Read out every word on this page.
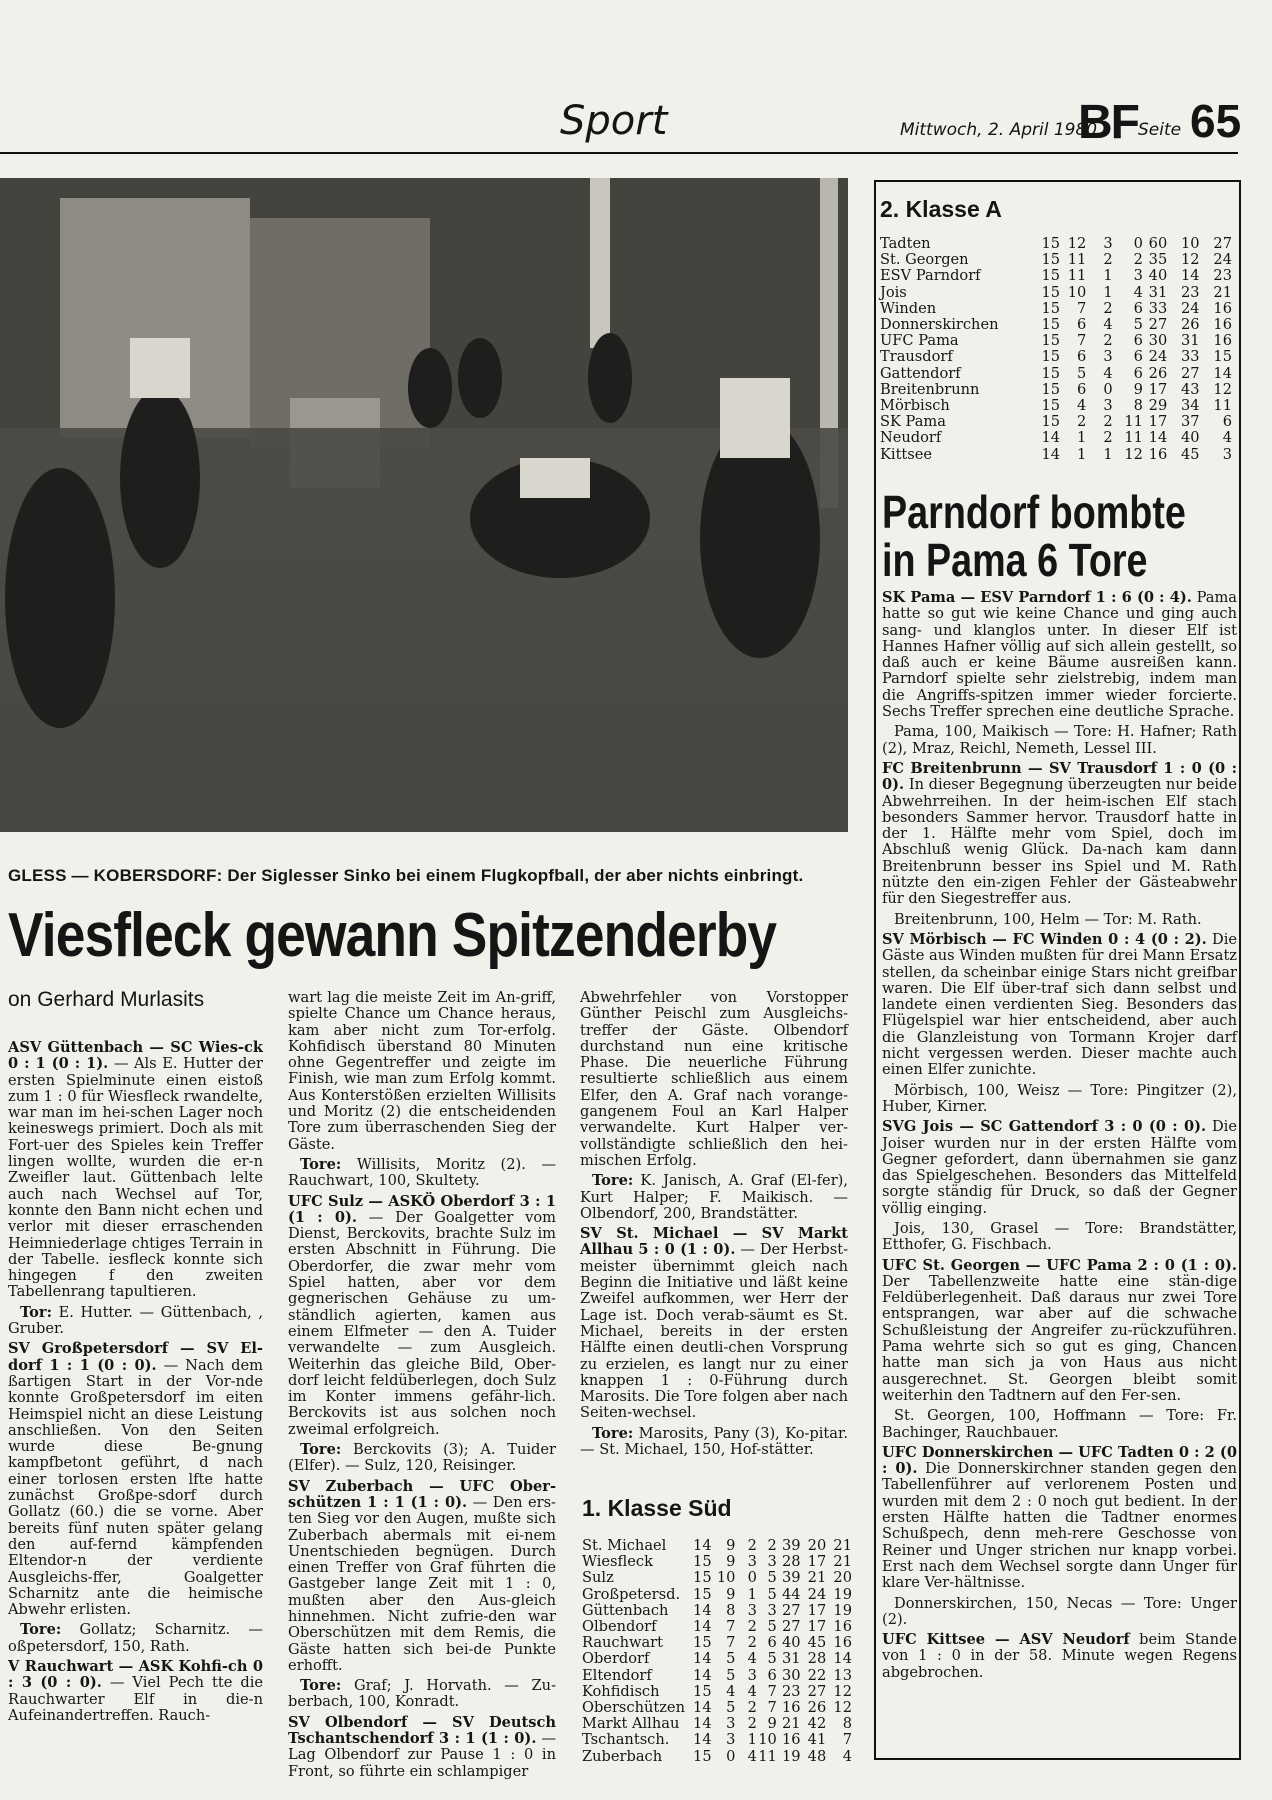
Sport	Mittwoch, 2. April 1980
BF Seite 65
GLESS — KOBERSDORF: Der Siglesser Sinko bei einem Flugkopfball, der aber nichts einbringt.
Viesfleck gewann Spitzenderby
on Gerhard Murlasits

ASV Güttenbach — SC Wies-ck 0 : 1 (0 : 1). — Als E. Hutter der ersten Spielminute einen eistoß zum 1 : 0 für Wiesfleck rwandelte, war man im hei-schen Lager noch keineswegs primiert. Doch als mit Fort-uer des Spieles kein Treffer lingen wollte, wurden die er-n Zweifler laut. Güttenbach lelte auch nach Wechsel auf Tor, konnte den Bann nicht echen und verlor mit dieser erraschenden Heimniederlage chtiges Terrain in der Tabelle. iesfleck konnte sich hingegen f den zweiten Tabellenrang tapultieren.

Tor: E. Hutter. — Güttenbach, , Gruber.

SV Großpetersdorf — SV El-dorf 1 : 1 (0 : 0). — Nach dem ßartigen Start in der Vor-nde konnte Großpetersdorf im eiten Heimspiel nicht an diese Leistung anschließen. Von den Seiten wurde diese Be-gnung kampfbetont geführt, d nach einer torlosen ersten lfte hatte zunächst Großpe-sdorf durch Gollatz (60.) die se vorne. Aber bereits fünf nuten später gelang den auf-fernd kämpfenden Eltendor-n der verdiente Ausgleichs-ffer, Goalgetter Scharnitz ante die heimische Abwehr erlisten.

Tore: Gollatz; Scharnitz. — oßpetersdorf, 150, Rath.

V Rauchwart — ASK Kohfi-ch 0 : 3 (0 : 0). — Viel Pech tte die Rauchwarter Elf in die-n Aufeinandertreffen. Rauch-

wart lag die meiste Zeit im An-griff, spielte Chance um Chance heraus, kam aber nicht zum Tor-erfolg. Kohfidisch überstand 80 Minuten ohne Gegentreffer und zeigte im Finish, wie man zum Erfolg kommt. Aus Konterstößen erzielten Willisits und Moritz (2) die entscheidenden Tore zum überraschenden Sieg der Gäste.

Tore: Willisits, Moritz (2). — Rauchwart, 100, Skultety.

UFC Sulz — ASKÖ Oberdorf 3 : 1 (1 : 0). — Der Goalgetter vom Dienst, Berckovits, brachte Sulz im ersten Abschnitt in Führung. Die Oberdorfer, die zwar mehr vom Spiel hatten, aber vor dem gegnerischen Gehäuse zu um-ständlich agierten, kamen aus einem Elfmeter — den A. Tuider verwandelte — zum Ausgleich. Weiterhin das gleiche Bild, Ober-dorf leicht feldüberlegen, doch Sulz im Konter immens gefähr-lich. Berckovits ist aus solchen noch zweimal erfolgreich.

Tore: Berckovits (3); A. Tuider (Elfer). — Sulz, 120, Reisinger.

SV Zuberbach — UFC Ober-schützen 1 : 1 (1 : 0). — Den ers-ten Sieg vor den Augen, mußte sich Zuberbach abermals mit ei-nem Unentschieden begnügen. Durch einen Treffer von Graf führten die Gastgeber lange Zeit mit 1 : 0, mußten aber den Aus-gleich hinnehmen. Nicht zufrie-den war Oberschützen mit dem Remis, die Gäste hatten sich bei-de Punkte erhofft.

Tore: Graf; J. Horvath. — Zu-berbach, 100, Konradt.

SV Olbendorf — SV Deutsch Tschantschendorf 3 : 1 (1 : 0). — Lag Olbendorf zur Pause 1 : 0 in Front, so führte ein schlampiger

Abwehrfehler von Vorstopper Günther Peischl zum Ausgleichs-treffer der Gäste. Olbendorf durchstand nun eine kritische Phase. Die neuerliche Führung resultierte schließlich aus einem Elfer, den A. Graf nach vorange-gangenem Foul an Karl Halper verwandelte. Kurt Halper ver-vollständigte schließlich den hei-mischen Erfolg.

Tore: K. Janisch, A. Graf (El-fer), Kurt Halper; F. Maikisch. — Olbendorf, 200, Brandstätter.

SV St. Michael — SV Markt Allhau 5 : 0 (1 : 0). — Der Herbst-meister übernimmt gleich nach Beginn die Initiative und läßt keine Zweifel aufkommen, wer Herr der Lage ist. Doch verab-säumt es St. Michael, bereits in der ersten Hälfte einen deutli-chen Vorsprung zu erzielen, es langt nur zu einer knappen 1 : 0-Führung durch Marosits. Die Tore folgen aber nach Seiten-wechsel.

Tore: Marosits, Pany (3), Ko-pitar. — St. Michael, 150, Hof-stätter.

1. Klasse Süd
St. Michael	14	9	2	2	39	20	21
Wiesfleck	15	9	3	3	28	17	21
Sulz	15	10	0	5	39	21	20
Großpetersd.	15	9	1	5	44	24	19
Güttenbach	14	8	3	3	27	17	19
Olbendorf	14	7	2	5	27	17	16
Rauchwart	15	7	2	6	40	45	16
Oberdorf	14	5	4	5	31	28	14
Eltendorf	14	5	3	6	30	22	13
Kohfidisch	15	4	4	7	23	27	12
Oberschützen	14	5	2	7	16	26	12
Markt Allhau	14	3	2	9	21	42	8
Tschantsch.	14	3	1	10	16	41	7
Zuberbach	15	0	4	11	19	48	4
2. Klasse A
Tadten	15	12	3	0	60	10	27
St. Georgen	15	11	2	2	35	12	24
ESV Parndorf	15	11	1	3	40	14	23
Jois	15	10	1	4	31	23	21
Winden	15	7	2	6	33	24	16
Donnerskirchen	15	6	4	5	27	26	16
UFC Pama	15	7	2	6	30	31	16
Trausdorf	15	6	3	6	24	33	15
Gattendorf	15	5	4	6	26	27	14
Breitenbrunn	15	6	0	9	17	43	12
Mörbisch	15	4	3	8	29	34	11
SK Pama	15	2	2	11	17	37	6
Neudorf	14	1	2	11	14	40	4
Kittsee	14	1	1	12	16	45	3
Parndorf bombte
in Pama 6 Tore

SK Pama — ESV Parndorf 1 : 6 (0 : 4). Pama hatte so gut wie keine Chance und ging auch sang- und klanglos unter. In dieser Elf ist Hannes Hafner völlig auf sich allein gestellt, so daß auch er keine Bäume ausreißen kann. Parndorf spielte sehr zielstrebig, indem man die Angriffs-spitzen immer wieder forcierte. Sechs Treffer sprechen eine deutliche Sprache.

Pama, 100, Maikisch — Tore: H. Hafner; Rath (2), Mraz, Reichl, Nemeth, Lessel III.

FC Breitenbrunn — SV Trausdorf 1 : 0 (0 : 0). In dieser Begegnung überzeugten nur beide Abwehrreihen. In der heim-ischen Elf stach besonders Sammer hervor. Trausdorf hatte in der 1. Hälfte mehr vom Spiel, doch im Abschluß wenig Glück. Da-nach kam dann Breitenbrunn besser ins Spiel und M. Rath nützte den ein-zigen Fehler der Gästeabwehr für den Siegestreffer aus.

Breitenbrunn, 100, Helm — Tor: M. Rath.

SV Mörbisch — FC Winden 0 : 4 (0 : 2). Die Gäste aus Winden mußten für drei Mann Ersatz stellen, da scheinbar einige Stars nicht greifbar waren. Die Elf über-traf sich dann selbst und landete einen verdienten Sieg. Besonders das Flügelspiel war hier entscheidend, aber auch die Glanzleistung von Tormann Krojer darf nicht vergessen werden. Dieser machte auch einen Elfer zunichte.

Mörbisch, 100, Weisz — Tore: Pingitzer (2), Huber, Kirner.

SVG Jois — SC Gattendorf 3 : 0 (0 : 0). Die Joiser wurden nur in der ersten Hälfte vom Gegner gefordert, dann übernahmen sie ganz das Spielgeschehen. Besonders das Mittelfeld sorgte ständig für Druck, so daß der Gegner völlig einging.

Jois, 130, Grasel — Tore: Brandstätter, Etthofer, G. Fischbach.

UFC St. Georgen — UFC Pama 2 : 0 (1 : 0). Der Tabellenzweite hatte eine stän-dige Feldüberlegenheit. Daß daraus nur zwei Tore entsprangen, war aber auf die schwache Schußleistung der Angreifer zu-rückzuführen. Pama wehrte sich so gut es ging, Chancen hatte man sich ja von Haus aus nicht ausgerechnet. St. Georgen bleibt somit weiterhin den Tadtnern auf den Fer-sen.

St. Georgen, 100, Hoffmann — Tore: Fr. Bachinger, Rauchbauer.

UFC Donnerskirchen — UFC Tadten 0 : 2 (0 : 0). Die Donnerskirchner standen gegen den Tabellenführer auf verlorenem Posten und wurden mit dem 2 : 0 noch gut bedient. In der ersten Hälfte hatten die Tadtner enormes Schußpech, denn meh-rere Geschosse von Reiner und Unger strichen nur knapp vorbei. Erst nach dem Wechsel sorgte dann Unger für klare Ver-hältnisse.

Donnerskirchen, 150, Necas — Tore: Unger (2).

UFC Kittsee — ASV Neudorf beim Stande von 1 : 0 in der 58. Minute wegen Regens abgebrochen.
